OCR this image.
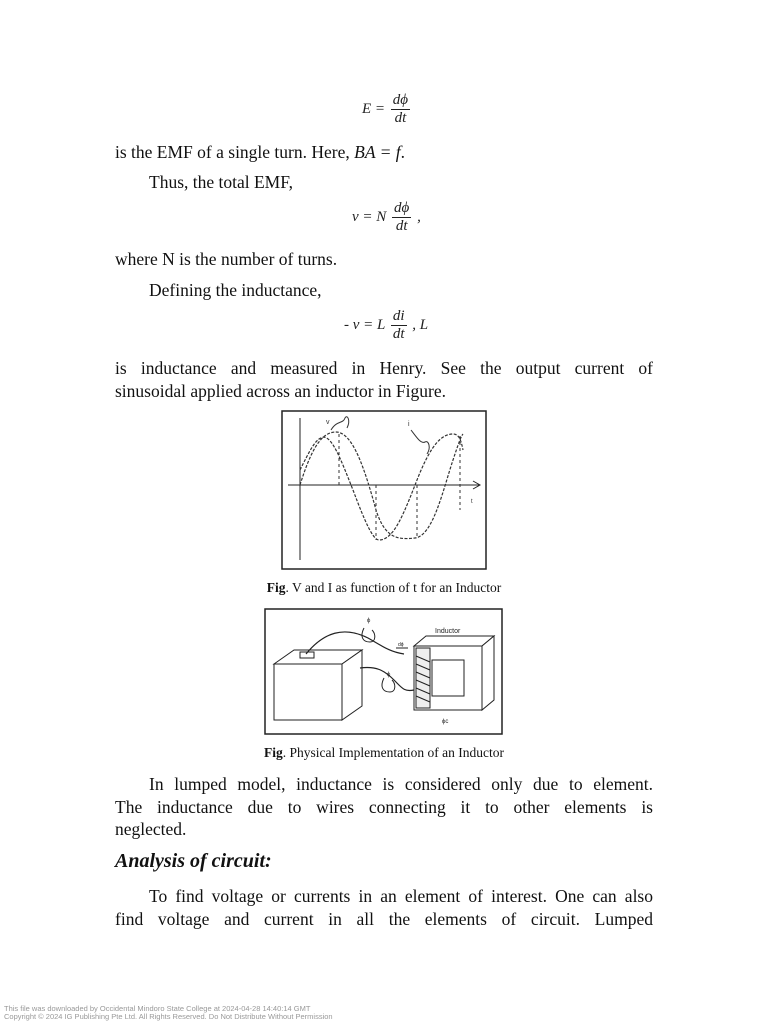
$E = \frac{d\phi}{dt}$
is the EMF of a single turn. Here, BA = f.
Thus, the total EMF,
v = N $\frac{d\phi}{dt}$ ,
where N is the number of turns.
Defining the inductance,
- v = L $\frac{di}{dt}$ , L
is inductance and measured in Henry. See the output current of
sinusoidal applied across an inductor in Figure.
v	i
t
Fig. V and I as function of t for an Inductor
ϕ
ϕ
dϕ
Inductor
ϕc
Fig. Physical Implementation of an Inductor
In lumped model, inductance is considered only due to element.
The inductance due to wires connecting it to other elements is
neglected.
Analysis of circuit:
To find voltage or currents in an element of interest. One can also
find voltage and current in all the elements of circuit. Lumped
This file was downloaded by Occidental Mindoro State College at 2024-04-28 14:40:14 GMT
Copyright © 2024 IG Publishing Pte Ltd. All Rights Reserved. Do Not Distribute Without Permission
